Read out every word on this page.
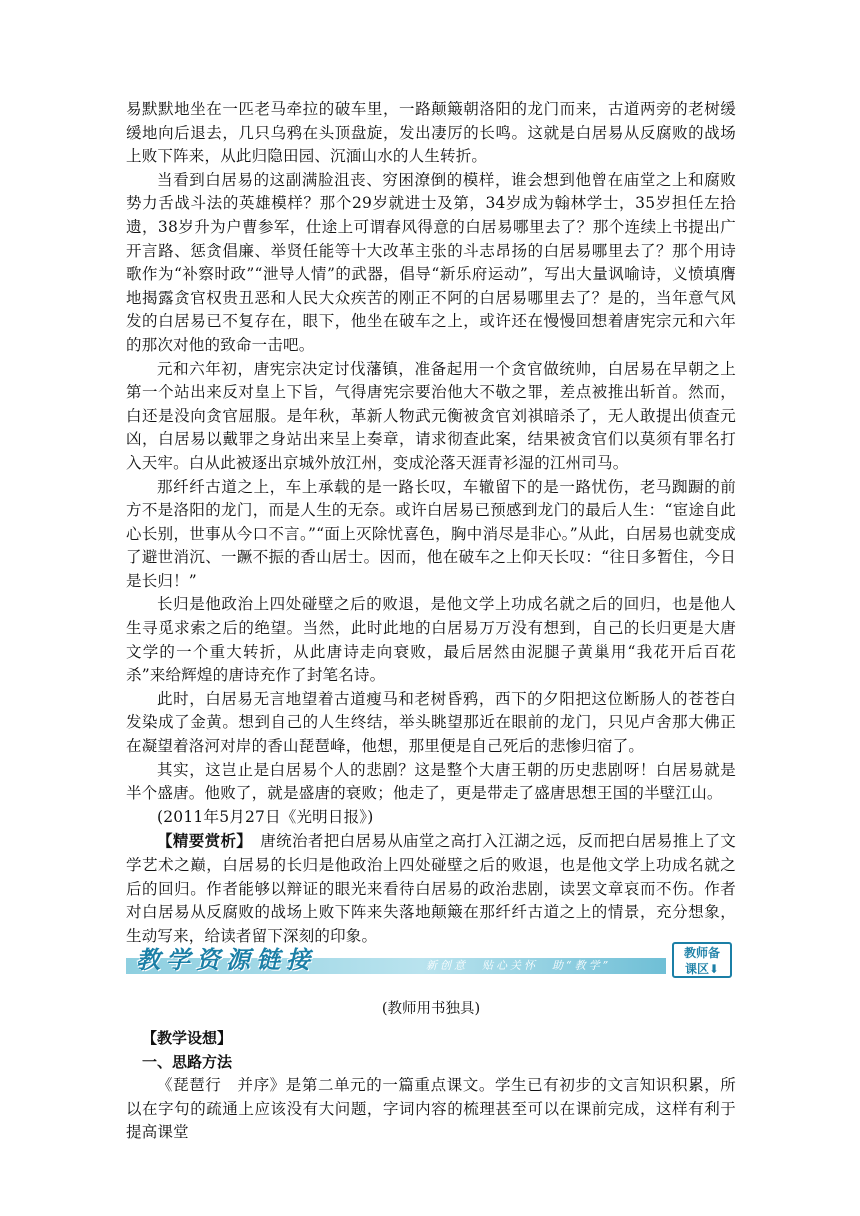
易默默地坐在一匹老马牵拉的破车里，一路颠簸朝洛阳的龙门而来，古道两旁的老树缓缓地向后退去，几只乌鸦在头顶盘旋，发出凄厉的长鸣。这就是白居易从反腐败的战场上败下阵来，从此归隐田园、沉湎山水的人生转折。

当看到白居易的这副满脸沮丧、穷困潦倒的模样，谁会想到他曾在庙堂之上和腐败势力舌战斗法的英雄模样？那个29岁就进士及第，34岁成为翰林学士，35岁担任左拾遗，38岁升为户曹参军，仕途上可谓春风得意的白居易哪里去了？那个连续上书提出广开言路、惩贪倡廉、举贤任能等十大改革主张的斗志昂扬的白居易哪里去了？那个用诗歌作为“补察时政”“泄导人情”的武器，倡导“新乐府运动”，写出大量讽喻诗，义愤填膺地揭露贪官权贵丑恶和人民大众疾苦的刚正不阿的白居易哪里去了？是的，当年意气风发的白居易已不复存在，眼下，他坐在破车之上，或许还在慢慢回想着唐宪宗元和六年的那次对他的致命一击吧。

元和六年初，唐宪宗决定讨伐藩镇，准备起用一个贪官做统帅，白居易在早朝之上第一个站出来反对皇上下旨，气得唐宪宗要治他大不敬之罪，差点被推出斩首。然而，白还是没向贪官屈服。是年秋，革新人物武元衡被贪官刘祺暗杀了，无人敢提出侦查元凶，白居易以戴罪之身站出来呈上奏章，请求彻查此案，结果被贪官们以莫须有罪名打入天牢。白从此被逐出京城外放江州，变成沦落天涯青衫湿的江州司马。

那纤纤古道之上，车上承载的是一路长叹，车辙留下的是一路忧伤，老马踟蹰的前方不是洛阳的龙门，而是人生的无奈。或许白居易已预感到龙门的最后人生：“宦途自此心长别，世事从今口不言。”“面上灭除忧喜色，胸中消尽是非心。”从此，白居易也就变成了避世消沉、一蹶不振的香山居士。因而，他在破车之上仰天长叹：“往日多暂住，今日是长归！”

长归是他政治上四处碰壁之后的败退，是他文学上功成名就之后的回归，也是他人生寻觅求索之后的绝望。当然，此时此地的白居易万万没有想到，自己的长归更是大唐文学的一个重大转折，从此唐诗走向衰败，最后居然由泥腿子黄巢用“我花开后百花杀”来给辉煌的唐诗充作了封笔名诗。

此时，白居易无言地望着古道瘦马和老树昏鸦，西下的夕阳把这位断肠人的苍苍白发染成了金黄。想到自己的人生终结，举头眺望那近在眼前的龙门，只见卢舍那大佛正在凝望着洛河对岸的香山琵琶峰，他想，那里便是自己死后的悲惨归宿了。

其实，这岂止是白居易个人的悲剧？这是整个大唐王朝的历史悲剧呀！白居易就是半个盛唐。他败了，就是盛唐的衰败；他走了，更是带走了盛唐思想王国的半壁江山。

(2011年5月27日《光明日报》)

【精要赏析】　唐统治者把白居易从庙堂之高打入江湖之远，反而把白居易推上了文学艺术之巅，白居易的长归是他政治上四处碰壁之后的败退，也是他文学上功成名就之后的回归。作者能够以辩证的眼光来看待白居易的政治悲剧，读罢文章哀而不伤。作者对白居易从反腐败的战场上败下阵来失落地颠簸在那纤纤古道之上的情景，充分想象，生动写来，给读者留下深刻的印象。

教学资源链接	新创意　贴心关怀　助“教学”
教师备
课区⬇

(教师用书独具)

【教学设想】

一、思路方法

《琵琶行　并序》是第二单元的一篇重点课文。学生已有初步的文言知识积累，所以在字句的疏通上应该没有大问题，字词内容的梳理甚至可以在课前完成，这样有利于提高课堂
